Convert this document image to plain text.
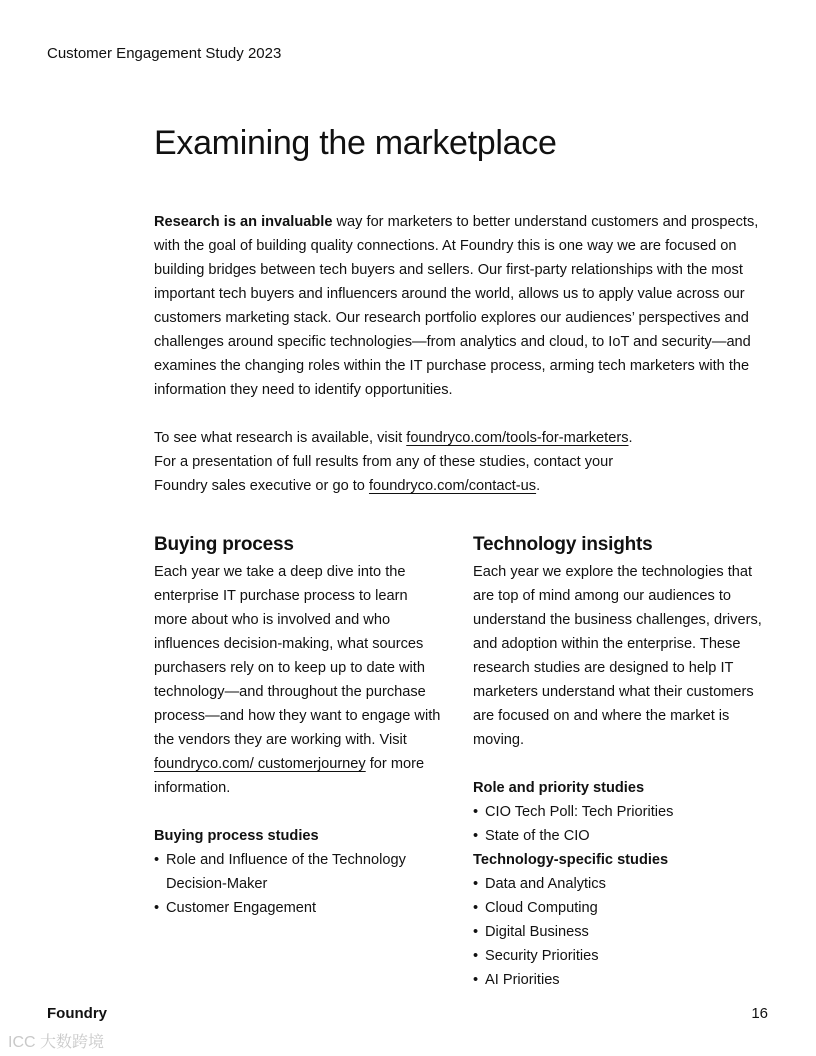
Customer Engagement Study 2023
Examining the marketplace

Research is an invaluable way for marketers to better understand customers and prospects, with the goal of building quality connections. At Foundry this is one way we are focused on building bridges between tech buyers and sellers. Our first-party relationships with the most important tech buyers and influencers around the world, allows us to apply value across our customers marketing stack. Our research portfolio explores our audiences’ perspectives and challenges around specific technologies—from analytics and cloud, to IoT and security—and examines the changing roles within the IT purchase process, arming tech marketers with the information they need to identify opportunities.

To see what research is available, visit foundryco.com/tools-for-marketers.
For a presentation of full results from any of these studies, contact your
Foundry sales executive or go to foundryco.com/contact-us.

Buying process

Each year we take a deep dive into the enterprise IT purchase process to learn more about who is involved and who influences decision-making, what sources purchasers rely on to keep up to date with technology—and throughout the purchase process—and how they want to engage with the vendors they are working with. Visit foundryco.com/ customerjourney for more information.

Buying process studies

• Role and Influence of the Technology Decision-Maker
• Customer Engagement
Technology insights

Each year we explore the technologies that are top of mind among our audiences to understand the business challenges, drivers, and adoption within the enterprise. These research studies are designed to help IT marketers understand what their customers are focused on and where the market is moving.

Role and priority studies

• CIO Tech Poll: Tech Priorities
• State of the CIO

Technology-specific studies

• Data and Analytics
• Cloud Computing
• Digital Business
• Security Priorities
• AI Priorities
Foundry	16
ICC 大数跨境
